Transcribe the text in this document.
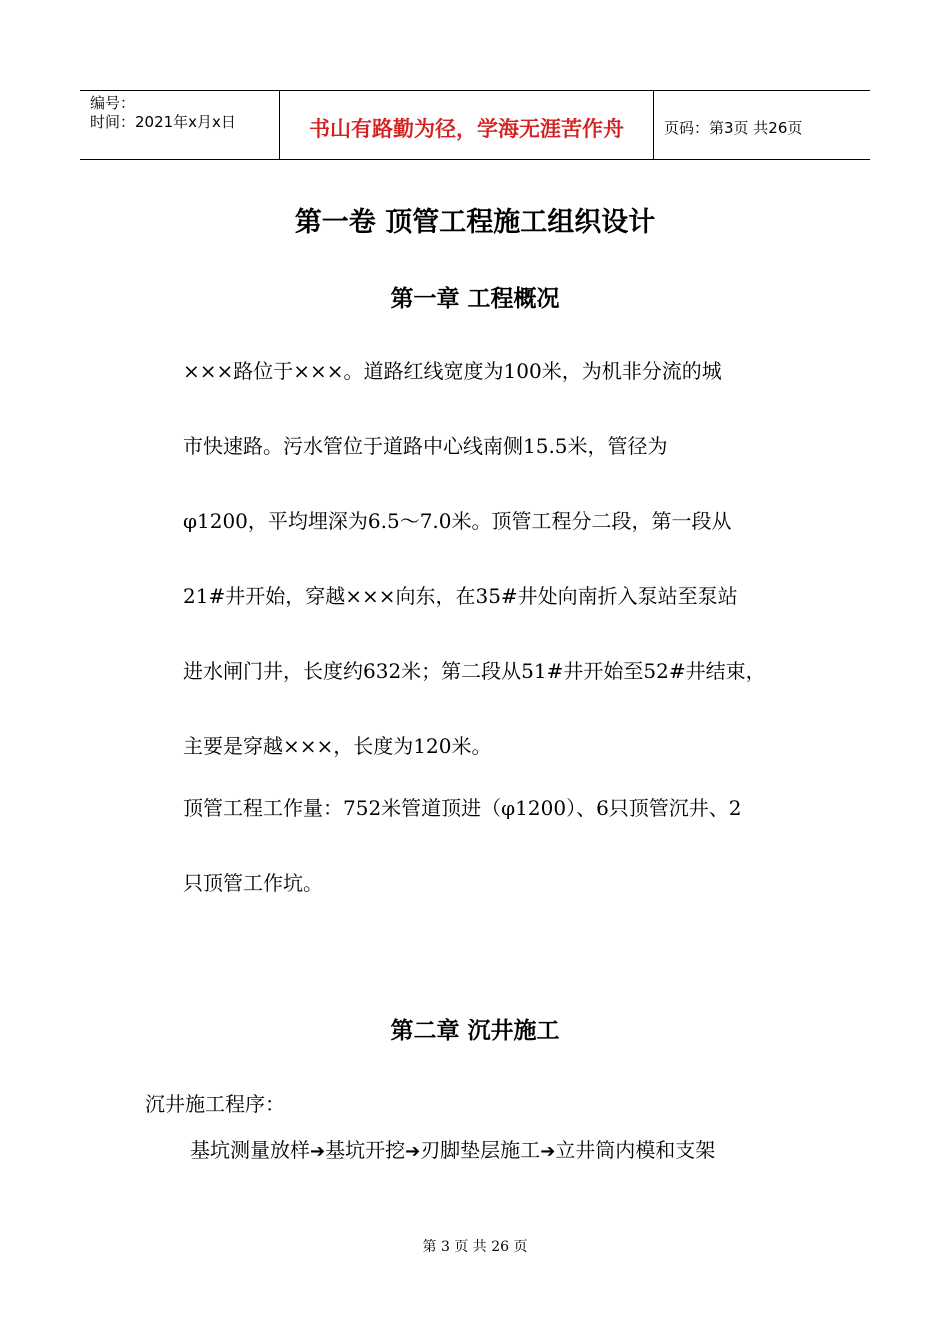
编号：
时间：2021年x月x日	书山有路勤为径，学海无涯苦作舟	页码：第3页 共26页
第一卷 顶管工程施工组织设计
第一章 工程概况
×××路位于×××。道路红线宽度为100米，为机非分流的城
市快速路。污水管位于道路中心线南侧15.5米，管径为
φ1200，平均埋深为6.5～7.0米。顶管工程分二段，第一段从
21#井开始，穿越×××向东，在35#井处向南折入泵站至泵站
进水闸门井，长度约632米；第二段从51#井开始至52#井结束，
主要是穿越×××，长度为120米。
顶管工程工作量：752米管道顶进（φ1200）、6只顶管沉井、2
只顶管工作坑。
第二章 沉井施工
沉井施工程序：
基坑测量放样➔基坑开挖➔刃脚垫层施工➔立井筒内模和支架
第 3 页 共 26 页
